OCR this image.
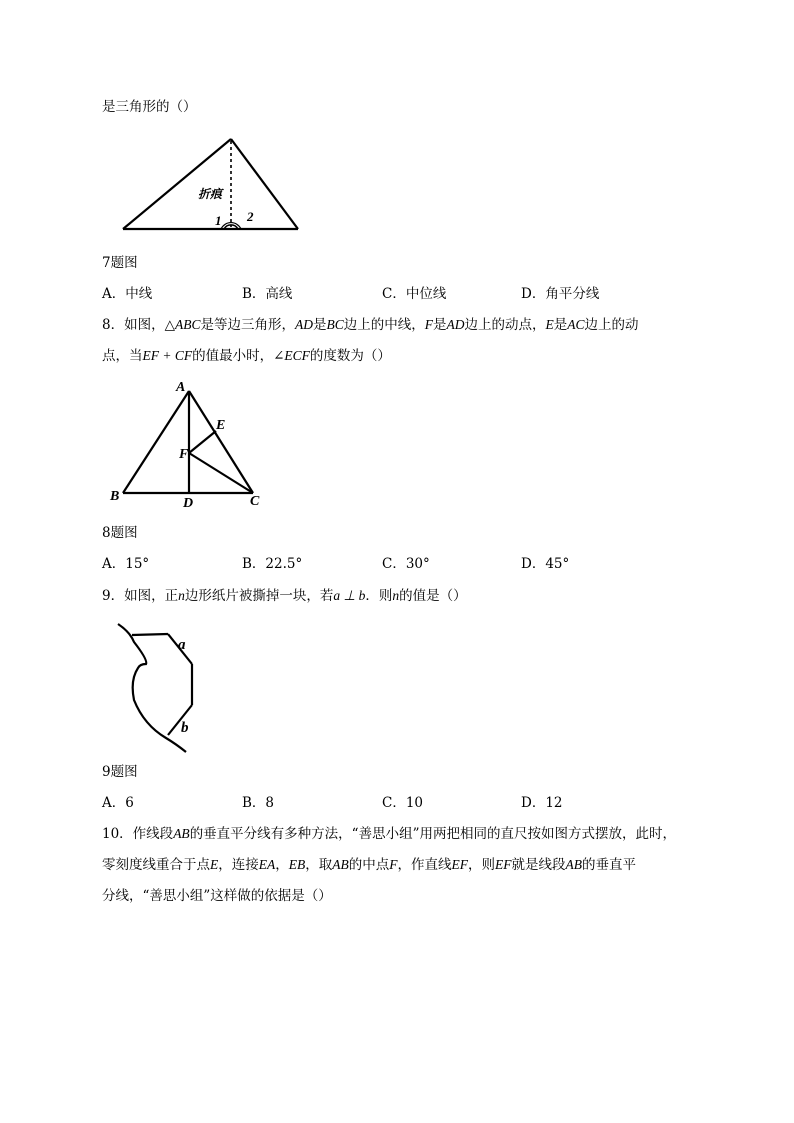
是三角形的（）
折痕
1 2
7题图
A．中线	B．高线	C．中位线	D．角平分线
8．如图，△ABC是等边三角形，AD是BC边上的中线，F是AD边上的动点，E是AC边上的动
点，当EF + CF的值最小时，∠ECF的度数为（）
A
B	C
D
E
F
8题图
A．15°	B．22.5°	C．30°	D．45°
9．如图，正n边形纸片被撕掉一块，若a ⊥ b．则n的值是（）
a
b
9题图
A．6	B．8	C．10	D．12
10．作线段AB的垂直平分线有多种方法，“善思小组”用两把相同的直尺按如图方式摆放，此时，
零刻度线重合于点E，连接EA，EB，取AB的中点F，作直线EF，则EF就是线段AB的垂直平
分线，“善思小组”这样做的依据是（）
